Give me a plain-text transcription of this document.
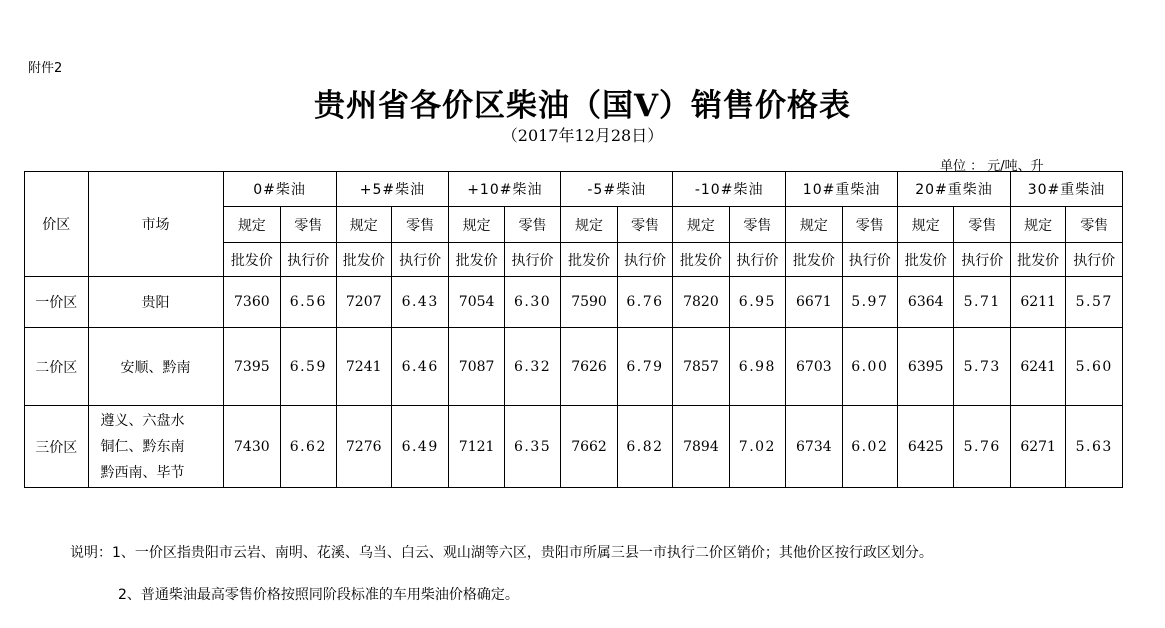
附件2
贵州省各价区柴油（国Ⅴ）销售价格表
（2017年12月28日）
单位 ： 元/吨、升
价区	市场	0#柴油		+5#柴油		+10#柴油		-5#柴油		-10#柴油		10#重柴油		20#重柴油		30#重柴油	
		规定	零售	规定	零售	规定	零售	规定	零售	规定	零售	规定	零售	规定	零售	规定	零售
		批发价	执行价	批发价	执行价	批发价	执行价	批发价	执行价	批发价	执行价	批发价	执行价	批发价	执行价	批发价	执行价
一价区	贵阳	7360	6.56	7207	6.43	7054	6.30	7590	6.76	7820	6.95	6671	5.97	6364	5.71	6211	5.57
二价区	安顺、黔南	7395	6.59	7241	6.46	7087	6.32	7626	6.79	7857	6.98	6703	6.00	6395	5.73	6241	5.60
三价区	遵义、六盘水
铜仁、黔东南
黔西南、毕节	7430	6.62	7276	6.49	7121	6.35	7662	6.82	7894	7.02	6734	6.02	6425	5.76	6271	5.63
说明：1、一价区指贵阳市云岩、南明、花溪、乌当、白云、观山湖等六区，贵阳市所属三县一市执行二价区销价；其他价区按行政区划分。
2、普通柴油最高零售价格按照同阶段标准的车用柴油价格确定。
